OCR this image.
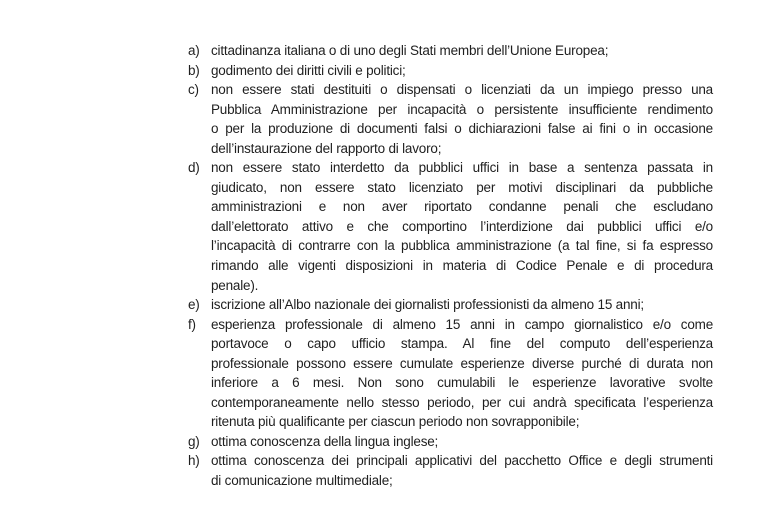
a) cittadinanza italiana o di uno degli Stati membri dell’Unione Europea;
b) godimento dei diritti civili e politici;
c) non essere stati destituiti o dispensati o licenziati da un impiego presso una
Pubblica Amministrazione per incapacità o persistente insufficiente rendimento
o per la produzione di documenti falsi o dichiarazioni false ai fini o in occasione
dell’instaurazione del rapporto di lavoro;
d) non essere stato interdetto da pubblici uffici in base a sentenza passata in
giudicato, non essere stato licenziato per motivi disciplinari da pubbliche
amministrazioni e non aver riportato condanne penali che escludano
dall’elettorato attivo e che comportino l’interdizione dai pubblici uffici e/o
l’incapacità di contrarre con la pubblica amministrazione (a tal fine, si fa espresso
rimando alle vigenti disposizioni in materia di Codice Penale e di procedura
penale).
e) iscrizione all’Albo nazionale dei giornalisti professionisti da almeno 15 anni;
f)	esperienza professionale di almeno 15 anni in campo giornalistico e/o come
portavoce o capo ufficio stampa. Al fine del computo dell’esperienza
professionale possono essere cumulate esperienze diverse purché di durata non
inferiore a 6 mesi. Non sono cumulabili le esperienze lavorative svolte
contemporaneamente nello stesso periodo, per cui andrà specificata l’esperienza
ritenuta più qualificante per ciascun periodo non sovrapponibile;
g) ottima conoscenza della lingua inglese;
h) ottima conoscenza dei principali applicativi del pacchetto Office e degli strumenti
di comunicazione multimediale;
